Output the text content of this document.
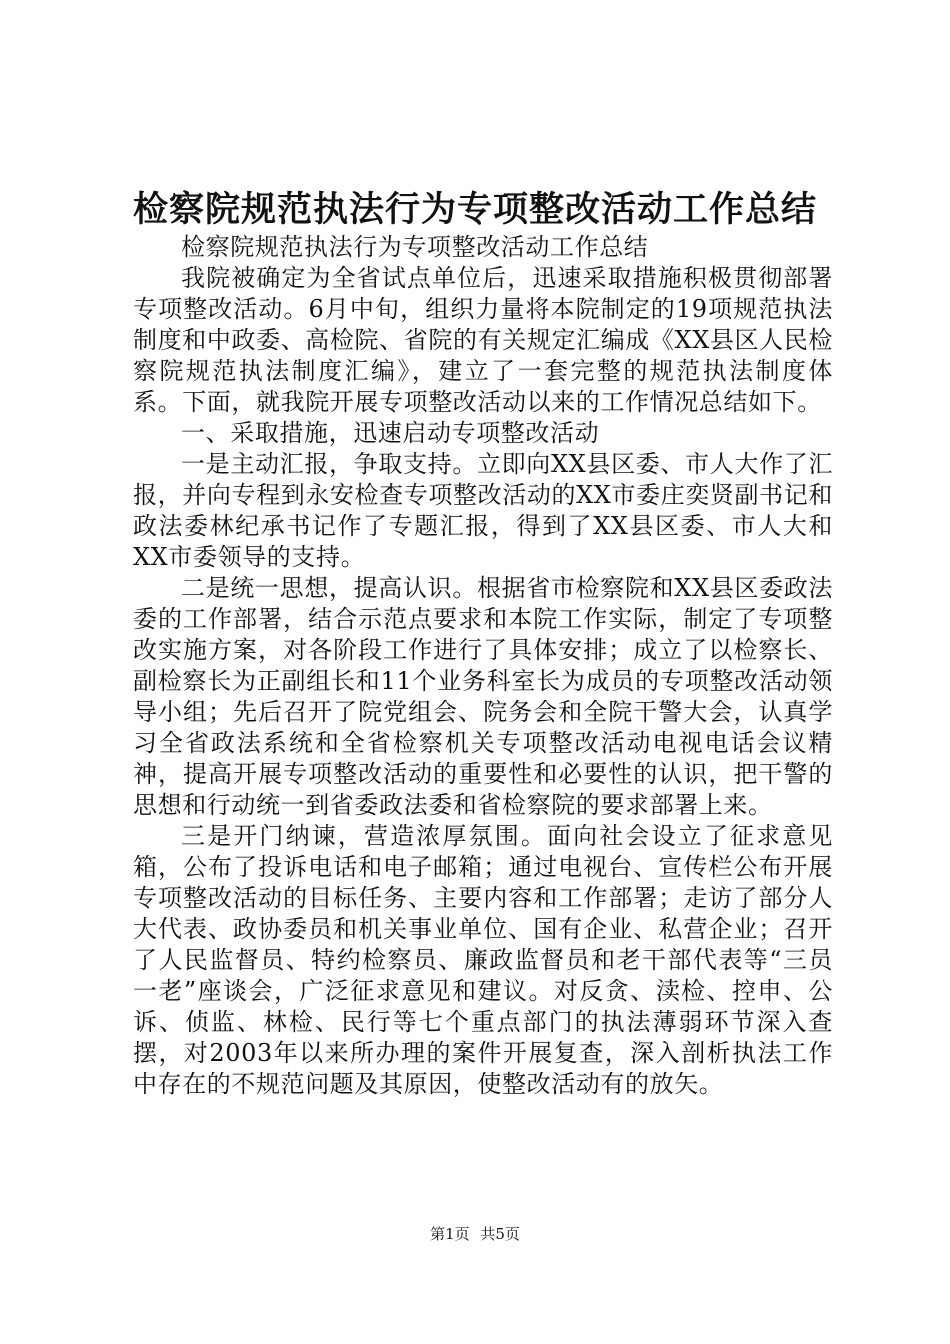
检察院规范执法行为专项整改活动工作总结

检察院规范执法行为专项整改活动工作总结

我院被确定为全省试点单位后，迅速采取措施积极贯彻部署专项整改活动。6月中旬，组织力量将本院制定的19项规范执法制度和中政委、高检院、省院的有关规定汇编成《XX县区人民检察院规范执法制度汇编》，建立了一套完整的规范执法制度体系。下面，就我院开展专项整改活动以来的工作情况总结如下。

一、采取措施，迅速启动专项整改活动

一是主动汇报，争取支持。立即向XX县区委、市人大作了汇报，并向专程到永安检查专项整改活动的XX市委庄奕贤副书记和政法委林纪承书记作了专题汇报，得到了XX县区委、市人大和XX市委领导的支持。

二是统一思想，提高认识。根据省市检察院和XX县区委政法委的工作部署，结合示范点要求和本院工作实际，制定了专项整改实施方案，对各阶段工作进行了具体安排；成立了以检察长、副检察长为正副组长和11个业务科室长为成员的专项整改活动领导小组；先后召开了院党组会、院务会和全院干警大会，认真学习全省政法系统和全省检察机关专项整改活动电视电话会议精神，提高开展专项整改活动的重要性和必要性的认识，把干警的思想和行动统一到省委政法委和省检察院的要求部署上来。

三是开门纳谏，营造浓厚氛围。面向社会设立了征求意见箱，公布了投诉电话和电子邮箱；通过电视台、宣传栏公布开展专项整改活动的目标任务、主要内容和工作部署；走访了部分人大代表、政协委员和机关事业单位、国有企业、私营企业；召开了人民监督员、特约检察员、廉政监督员和老干部代表等“三员一老”座谈会，广泛征求意见和建议。对反贪、渎检、控申、公诉、侦监、林检、民行等七个重点部门的执法薄弱环节深入查摆，对2003年以来所办理的案件开展复查，深入剖析执法工作中存在的不规范问题及其原因，使整改活动有的放矢。

第1页 共5页
